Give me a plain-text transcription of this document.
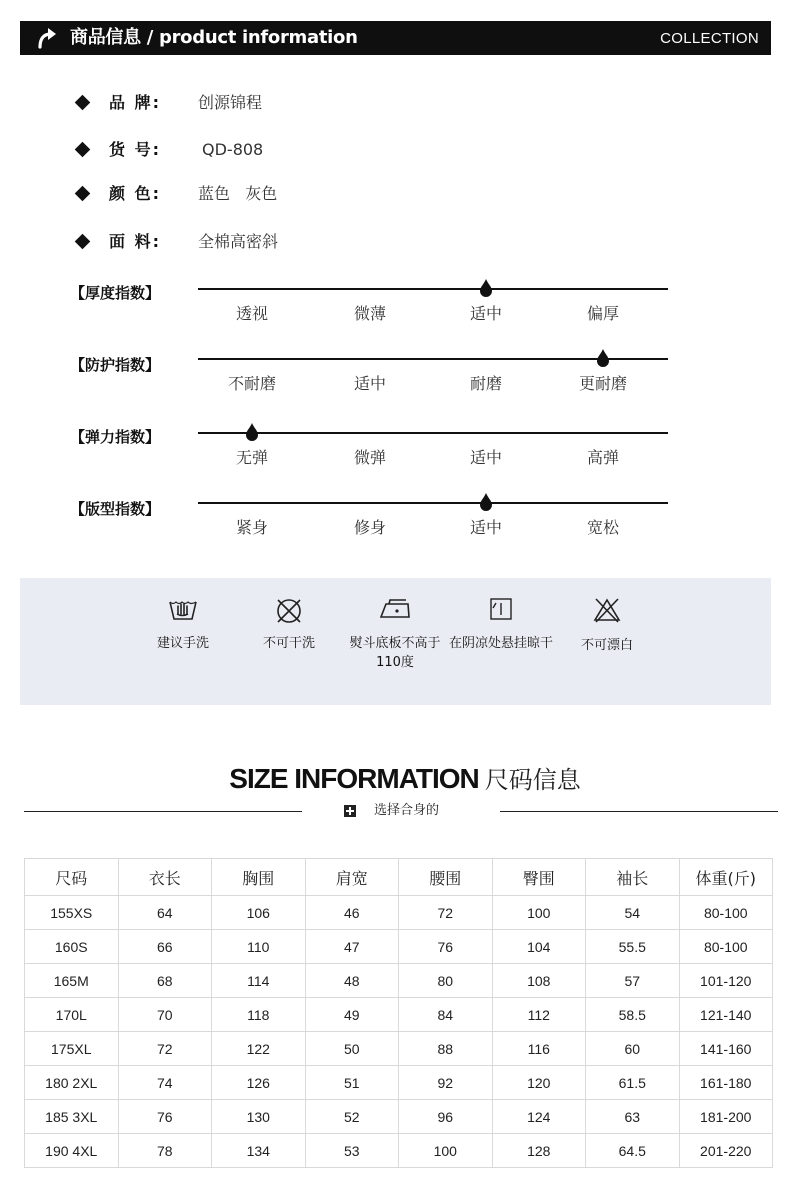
商品信息 / product information	COLLECTION
品 牌: 创源锦程
货 号:	QD-808
颜 色: 蓝色   灰色
面 料: 全棉高密斜
【厚度指数】
透视	微薄	适中	偏厚
【防护指数】
不耐磨	适中	耐磨	更耐磨
【弹力指数】
无弹	微弹	适中	高弹
【版型指数】
紧身	修身	适中	宽松
建议手洗	不可干洗	熨斗底板不高于110度
在阴凉处悬挂晾干	不可漂白
SIZE INFORMATION 尺码信息
选择合身的
尺码	衣长	胸围	肩宽	腰围	臀围	袖长	体重(斤)
155XS	64	106	46	72	100	54	80-100
160S	66	110	47	76	104	55.5	80-100
165M	68	114	48	80	108	57	101-120
170L	70	118	49	84	112	58.5	121-140
175XL	72	122	50	88	116	60	141-160
180 2XL	74	126	51	92	120	61.5	161-180
185 3XL	76	130	52	96	124	63	181-200
190 4XL	78	134	53	100	128	64.5	201-220
